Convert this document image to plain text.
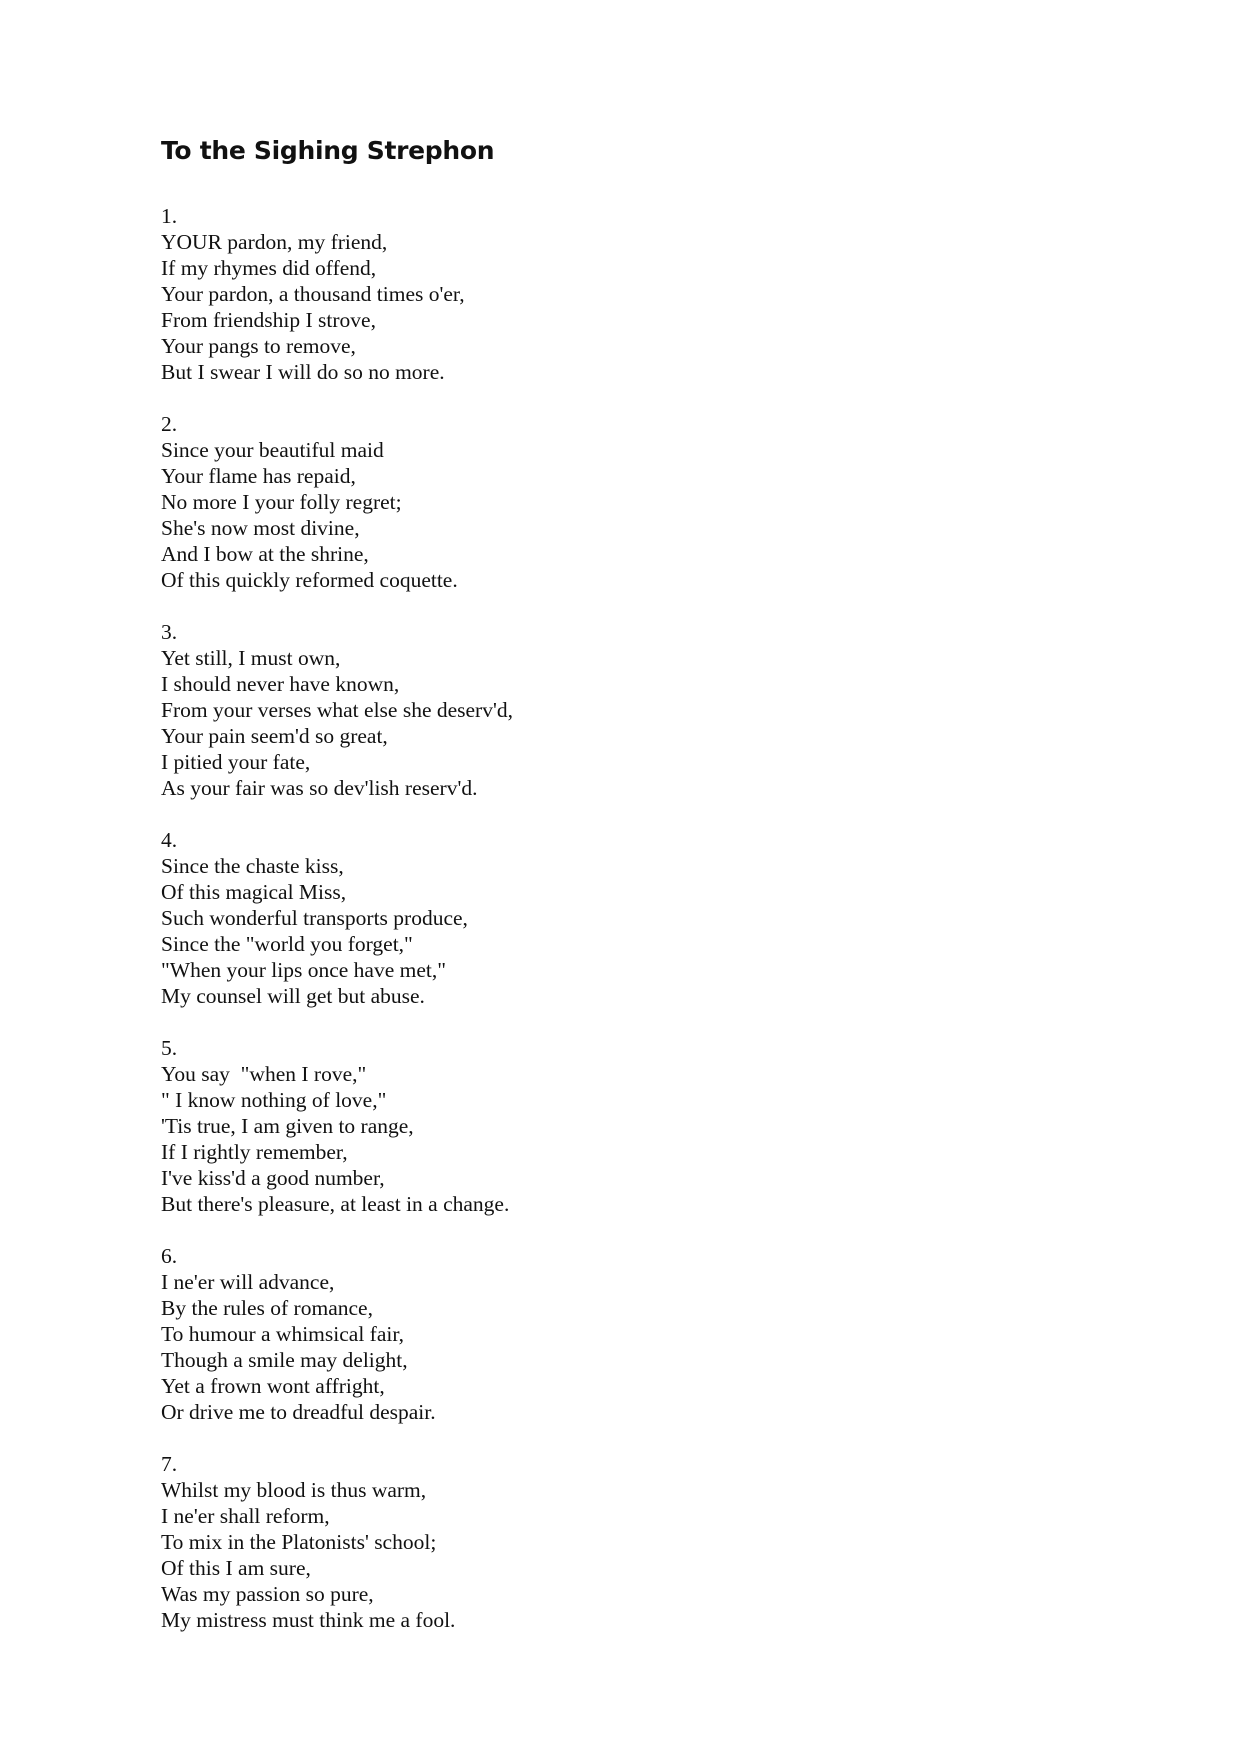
To the Sighing Strephon
1.
YOUR pardon, my friend,
If my rhymes did offend,
Your pardon, a thousand times o'er,
From friendship I strove,
Your pangs to remove,
But I swear I will do so no more.
2.
Since your beautiful maid
Your flame has repaid,
No more I your folly regret;
She's now most divine,
And I bow at the shrine,
Of this quickly reformed coquette.
3.
Yet still, I must own,
I should never have known,
From your verses what else she deserv'd,
Your pain seem'd so great,
I pitied your fate,
As your fair was so dev'lish reserv'd.
4.
Since the chaste kiss,
Of this magical Miss,
Such wonderful transports produce,
Since the "world you forget,"
"When your lips once have met,"
My counsel will get but abuse.
5.
You say  "when I rove,"
" I know nothing of love,"
'Tis true, I am given to range,
If I rightly remember,
I've kiss'd a good number,
But there's pleasure, at least in a change.
6.
I ne'er will advance,
By the rules of romance,
To humour a whimsical fair,
Though a smile may delight,
Yet a frown wont affright,
Or drive me to dreadful despair.
7.
Whilst my blood is thus warm,
I ne'er shall reform,
To mix in the Platonists' school;
Of this I am sure,
Was my passion so pure,
My mistress must think me a fool.
